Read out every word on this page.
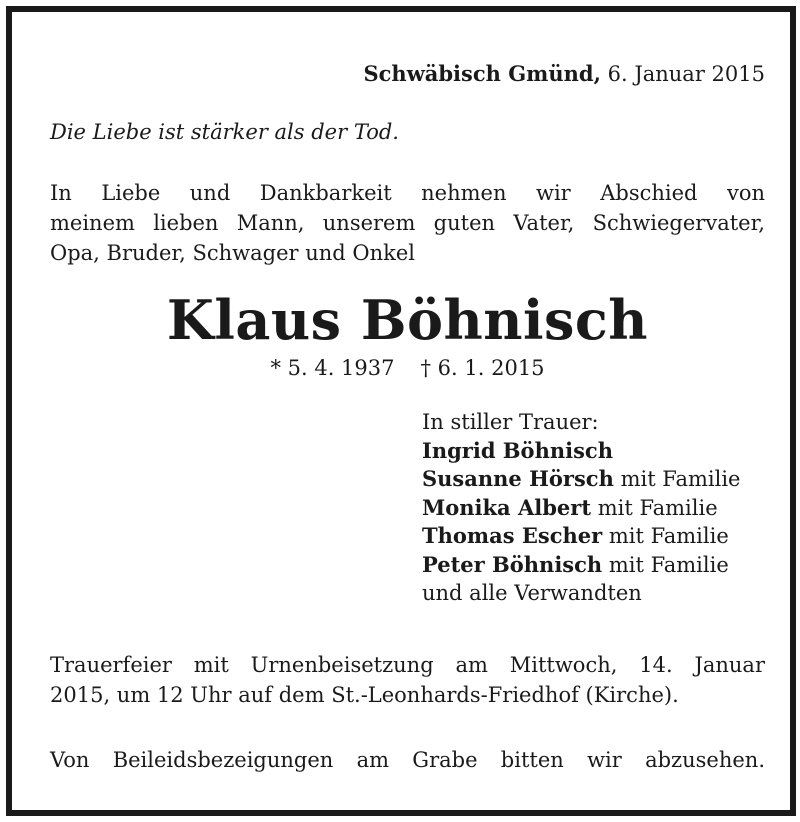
Schwäbisch Gmünd, 6. Januar 2015
Die Liebe ist stärker als der Tod.

In Liebe und Dankbarkeit nehmen wir Abschied von
meinem lieben Mann, unserem guten Vater, Schwiegervater,
Opa, Bruder, Schwager und Onkel

Klaus Böhnisch
* 5. 4. 1937 † 6. 1. 2015
In stiller Trauer:
Ingrid Böhnisch
Susanne Hörsch mit Familie
Monika Albert mit Familie
Thomas Escher mit Familie
Peter Böhnisch mit Familie
und alle Verwandten
Trauerfeier mit Urnenbeisetzung am Mittwoch, 14. Januar
2015, um 12 Uhr auf dem St.-Leonhards-Friedhof (Kirche).
Von Beileidsbezeigungen am Grabe bitten wir abzusehen.
